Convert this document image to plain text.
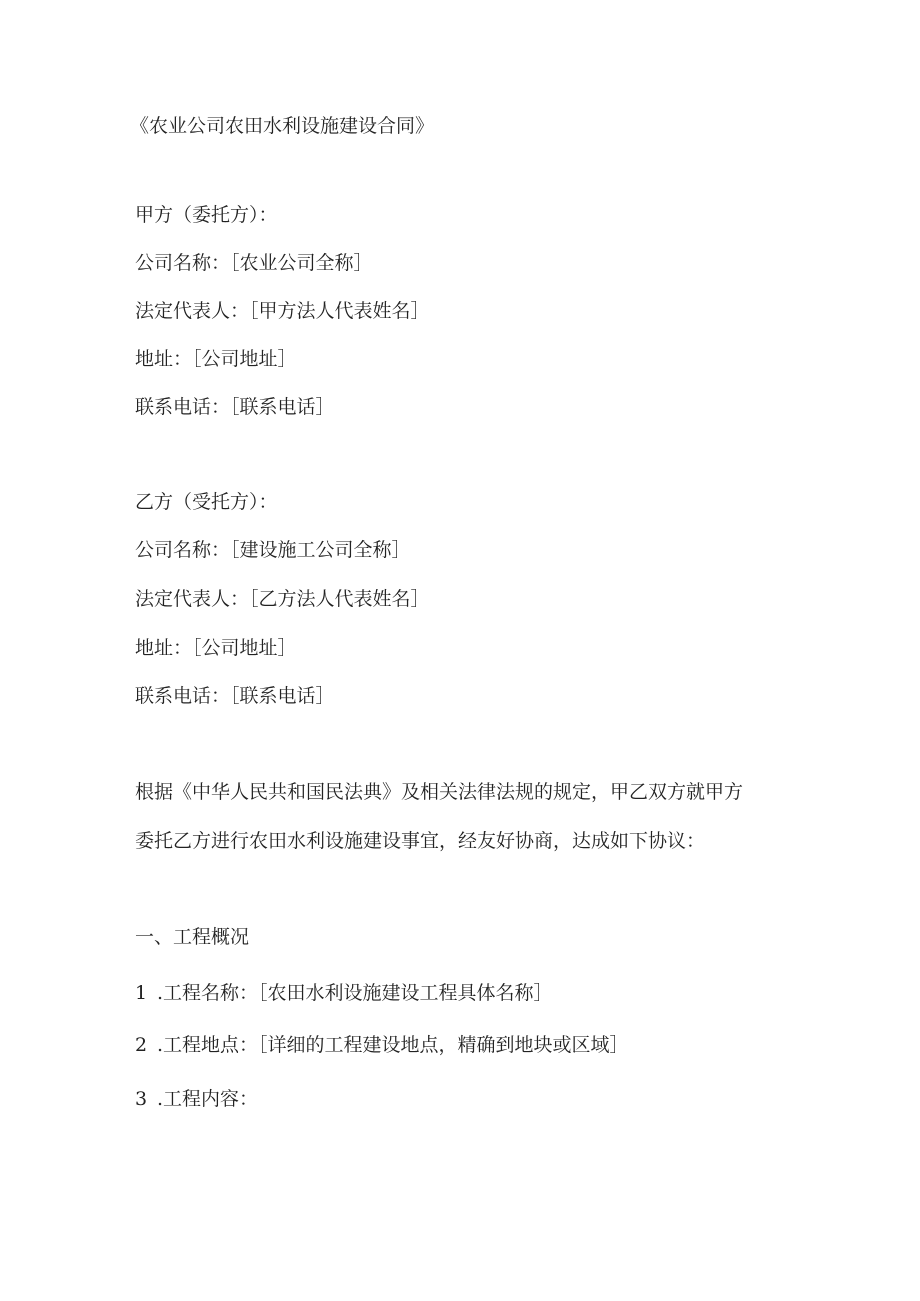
《农业公司农田水利设施建设合同》

甲方（委托方）：

公司名称：［农业公司全称］

法定代表人：［甲方法人代表姓名］

地址：［公司地址］

联系电话：［联系电话］

乙方（受托方）：

公司名称：［建设施工公司全称］

法定代表人：［乙方法人代表姓名］

地址：［公司地址］

联系电话：［联系电话］

根据《中华人民共和国民法典》及相关法律法规的规定，甲乙双方就甲方

委托乙方进行农田水利设施建设事宜，经友好协商，达成如下协议：

一、工程概况

1 .工程名称：［农田水利设施建设工程具体名称］

2 .工程地点：［详细的工程建设地点，精确到地块或区域］

3 .工程内容：
